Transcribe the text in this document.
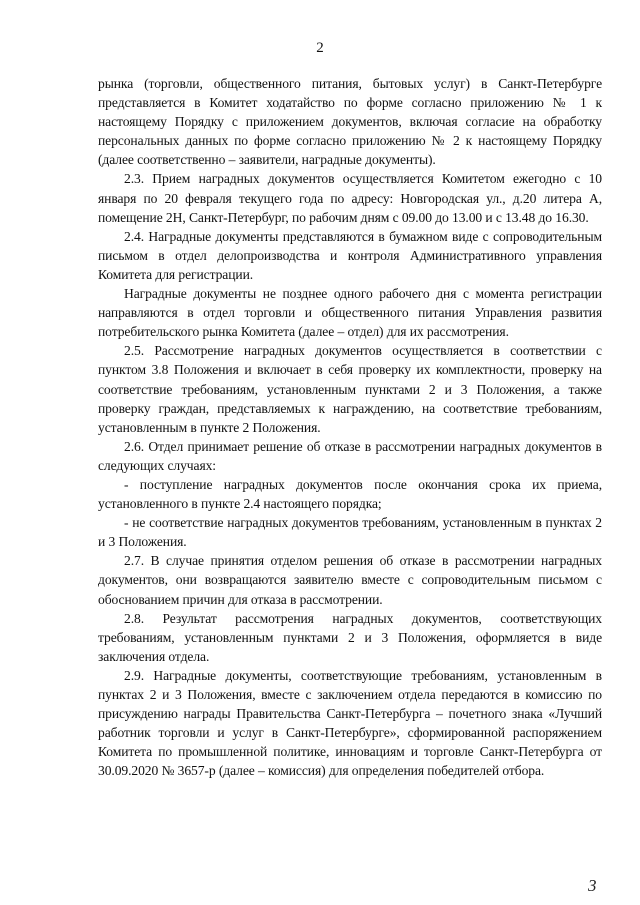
2

рынка (торговли, общественного питания, бытовых услуг) в Санкт-Петербурге представляется в Комитет ходатайство по форме согласно приложению № 1 к настоящему Порядку с приложением документов, включая согласие на обработку персональных данных по форме согласно приложению № 2 к настоящему Порядку (далее соответственно – заявители, наградные документы).

2.3. Прием наградных документов осуществляется Комитетом ежегодно с 10 января по 20 февраля текущего года по адресу: Новгородская ул., д.20 литера А, помещение 2Н, Санкт-Петербург, по рабочим дням с 09.00 до 13.00 и с 13.48 до 16.30.

2.4. Наградные документы представляются в бумажном виде с сопроводительным письмом в отдел делопроизводства и контроля Административного управления Комитета для регистрации.

Наградные документы не позднее одного рабочего дня с момента регистрации направляются в отдел торговли и общественного питания Управления развития потребительского рынка Комитета (далее – отдел) для их рассмотрения.

2.5. Рассмотрение наградных документов осуществляется в соответствии с пунктом 3.8 Положения и включает в себя проверку их комплектности, проверку на соответствие требованиям, установленным пунктами 2 и 3 Положения, а также проверку граждан, представляемых к награждению, на соответствие требованиям, установленным в пункте 2 Положения.

2.6. Отдел принимает решение об отказе в рассмотрении наградных документов в следующих случаях:

- поступление наградных документов после окончания срока их приема, установленного в пункте 2.4 настоящего порядка;

- не соответствие наградных документов требованиям, установленным в пунктах 2 и 3 Положения.

2.7. В случае принятия отделом решения об отказе в рассмотрении наградных документов, они возвращаются заявителю вместе с сопроводительным письмом с обоснованием причин для отказа в рассмотрении.

2.8. Результат рассмотрения наградных документов, соответствующих требованиям, установленным пунктами 2 и 3 Положения, оформляется в виде заключения отдела.

2.9. Наградные документы, соответствующие требованиям, установленным в пунктах 2 и 3 Положения, вместе с заключением отдела передаются в комиссию по присуждению награды Правительства Санкт-Петербурга – почетного знака «Лучший работник торговли и услуг в Санкт-Петербурге», сформированной распоряжением Комитета по промышленной политике, инновациям и торговле Санкт-Петербурга от 30.09.2020 № 3657-р (далее – комиссия) для определения победителей отбора.

3
